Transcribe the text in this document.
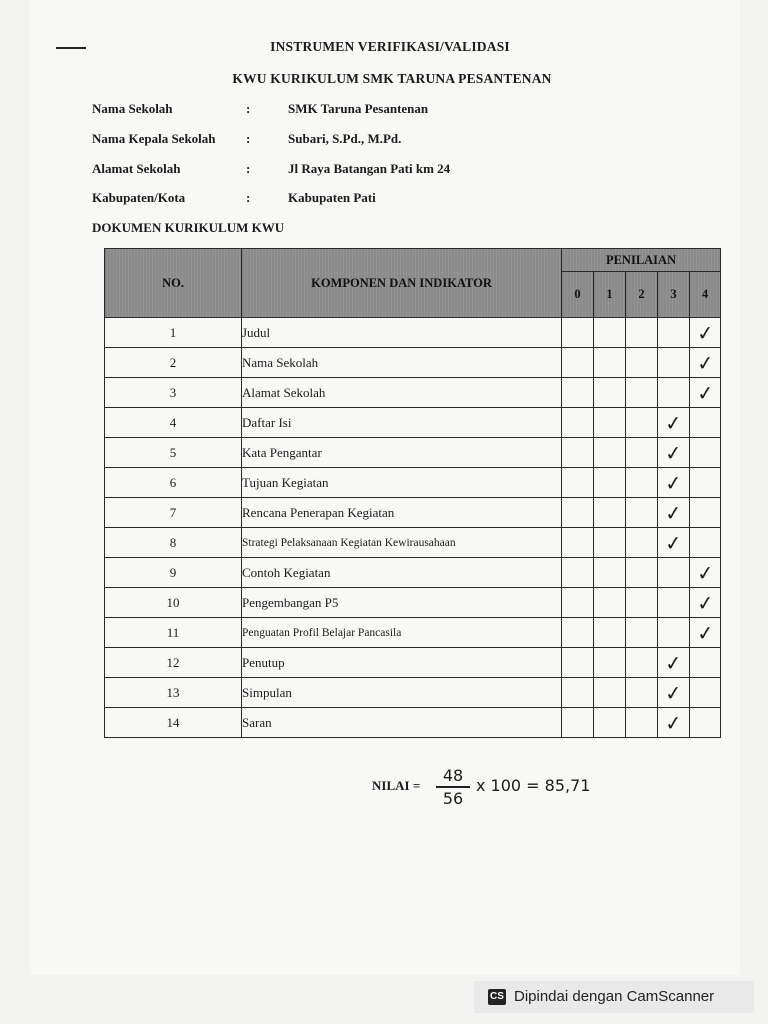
INSTRUMEN VERIFIKASI/VALIDASI
KWU KURIKULUM SMK TARUNA PESANTENAN
Nama Sekolah	:	SMK Taruna Pesantenan
Nama Kepala Sekolah :	Subari, S.Pd., M.Pd.
Alamat Sekolah	:	Jl Raya Batangan Pati km 24
Kabupaten/Kota	:	Kabupaten Pati
DOKUMEN KURIKULUM KWU
NO.	KOMPONEN DAN INDIKATOR	PENILAIAN				
		0	1	2	3	4
1	Judul					✓
2	Nama Sekolah					✓
3	Alamat Sekolah					✓
4	Daftar Isi				✓	
5	Kata Pengantar				✓	
6	Tujuan Kegiatan				✓	
7	Rencana Penerapan Kegiatan				✓	
8	Strategi Pelaksanaan Kegiatan Kewirausahaan				✓	
9	Contoh Kegiatan					✓
10	Pengembangan P5					✓
11	Penguatan Profil Belajar Pancasila					✓
12	Penutup				✓	
13	Simpulan				✓	
14	Saran				✓	
NILAI =
48
56
x 100 = 85,71
CS Dipindai dengan CamScanner
